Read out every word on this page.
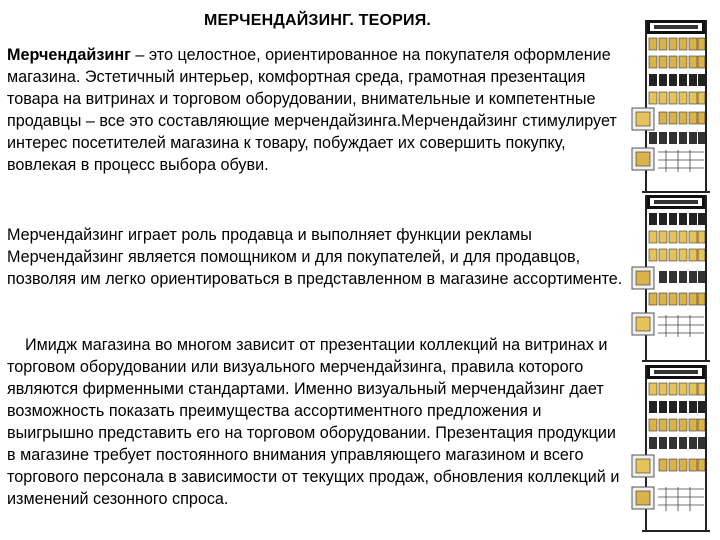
МЕРЧЕНДАЙЗИНГ. ТЕОРИЯ.

Мерчендайзинг – это целостное, ориентированное на покупателя оформление магазина. Эстетичный интерьер, комфортная среда, грамотная презентация товара на витринах и торговом оборудовании, внимательные и компетентные продавцы – все это составляющие мерчендайзинга.Мерчендайзинг стимулирует интерес посетителей магазина к товару, побуждает их совершить покупку, вовлекая в процесс выбора обуви.

Мерчендайзинг играет роль продавца и выполняет функции рекламы Мерчендайзинг является помощником и для покупателей, и для продавцов, позволяя им легко ориентироваться в представленном в магазине ассортименте.

Имидж магазина во многом зависит от презентации коллекций на витринах и торговом оборудовании или визуального мерчендайзинга, правила которого являются фирменными стандартами. Именно визуальный мерчендайзинг дает возможность показать преимущества ассортиментного предложения и выигрышно представить его на торговом оборудовании. Презентация продукции в магазине требует постоянного внимания управляющего магазином и всего торгового персонала в зависимости от текущих продаж, обновления коллекций и изменений сезонного спроса.
